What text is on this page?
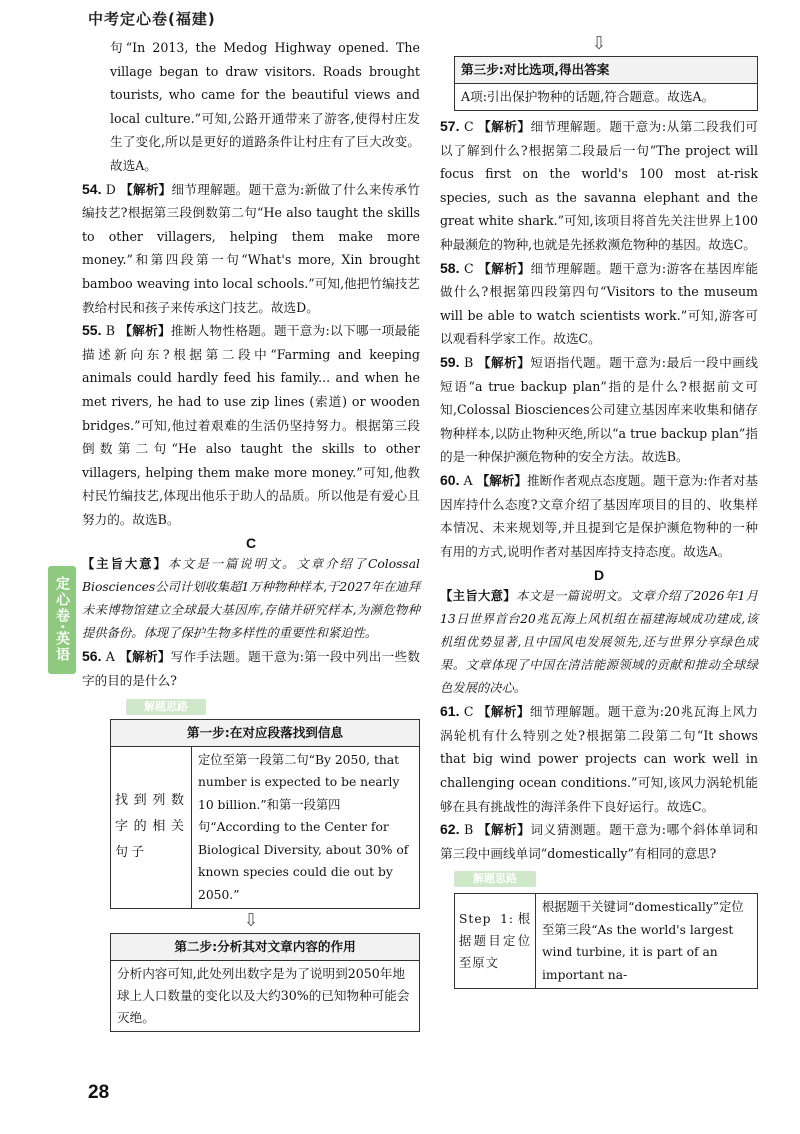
中考定心卷(福建)
定心卷·英语

句“In 2013, the Medog Highway opened. The village began to draw visitors. Roads brought tourists, who came for the beautiful views and local culture.”可知,公路开通带来了游客,使得村庄发生了变化,所以是更好的道路条件让村庄有了巨大改变。故选A。

54. D 【解析】细节理解题。题干意为:新做了什么来传承竹编技艺?根据第三段倒数第二句“He also taught the skills to other villagers, helping them make more money.”和第四段第一句“What's more, Xin brought bamboo weaving into local schools.”可知,他把竹编技艺教给村民和孩子来传承这门技艺。故选D。

55. B 【解析】推断人物性格题。题干意为:以下哪一项最能描述新向东?根据第二段中“Farming and keeping animals could hardly feed his family... and when he met rivers, he had to use zip lines (索道) or wooden bridges.”可知,他过着艰难的生活仍坚持努力。根据第三段倒数第二句“He also taught the skills to other villagers, helping them make more money.”可知,他教村民竹编技艺,体现出他乐于助人的品质。所以他是有爱心且努力的。故选B。

C

【主旨大意】本文是一篇说明文。文章介绍了Colossal Biosciences公司计划收集超1万种物种样本,于2027年在迪拜未来博物馆建立全球最大基因库,存储并研究样本,为濒危物种提供备份。体现了保护生物多样性的重要性和紧迫性。

56. A 【解析】写作手法题。题干意为:第一段中列出一些数字的目的是什么?

解题思路
第一步:在对应段落找到信息
找到列数字的相关句子
定位至第一段第二句“By 2050, that number is expected to be nearly 10 billion.”和第一段第四句“According to the Center for Biological Diversity, about 30% of known species could die out by 2050.”
⇩
第二步:分析其对文章内容的作用
分析内容可知,此处列出数字是为了说明到2050年地球上人口数量的变化以及大约30%的已知物种可能会灭绝。
⇩
第三步:对比选项,得出答案
A项:引出保护物种的话题,符合题意。故选A。

57. C 【解析】细节理解题。题干意为:从第二段我们可以了解到什么?根据第二段最后一句“The project will focus first on the world's 100 most at-risk species, such as the savanna elephant and the great white shark.”可知,该项目将首先关注世界上100种最濒危的物种,也就是先拯救濒危物种的基因。故选C。

58. C 【解析】细节理解题。题干意为:游客在基因库能做什么?根据第四段第四句“Visitors to the museum will be able to watch scientists work.”可知,游客可以观看科学家工作。故选C。

59. B 【解析】短语指代题。题干意为:最后一段中画线短语“a true backup plan”指的是什么?根据前文可知,Colossal Biosciences公司建立基因库来收集和储存物种样本,以防止物种灭绝,所以“a true backup plan”指的是一种保护濒危物种的安全方法。故选B。

60. A 【解析】推断作者观点态度题。题干意为:作者对基因库持什么态度?文章介绍了基因库项目的目的、收集样本情况、未来规划等,并且提到它是保护濒危物种的一种有用的方式,说明作者对基因库持支持态度。故选A。

D

【主旨大意】本文是一篇说明文。文章介绍了2026年1月13日世界首台20兆瓦海上风机组在福建海域成功建成,该机组优势显著,且中国风电发展领先,还与世界分享绿色成果。文章体现了中国在清洁能源领域的贡献和推动全球绿色发展的决心。

61. C 【解析】细节理解题。题干意为:20兆瓦海上风力涡轮机有什么特别之处?根据第二段第二句“It shows that big wind power projects can work well in challenging ocean conditions.”可知,该风力涡轮机能够在具有挑战性的海洋条件下良好运行。故选C。

62. B 【解析】词义猜测题。题干意为:哪个斜体单词和第三段中画线单词“domestically”有相同的意思?

解题思路
Step 1:根据题目定位至原文
根据题干关键词“domestically”定位至第三段“As the world's largest wind turbine, it is part of an important na-
28
